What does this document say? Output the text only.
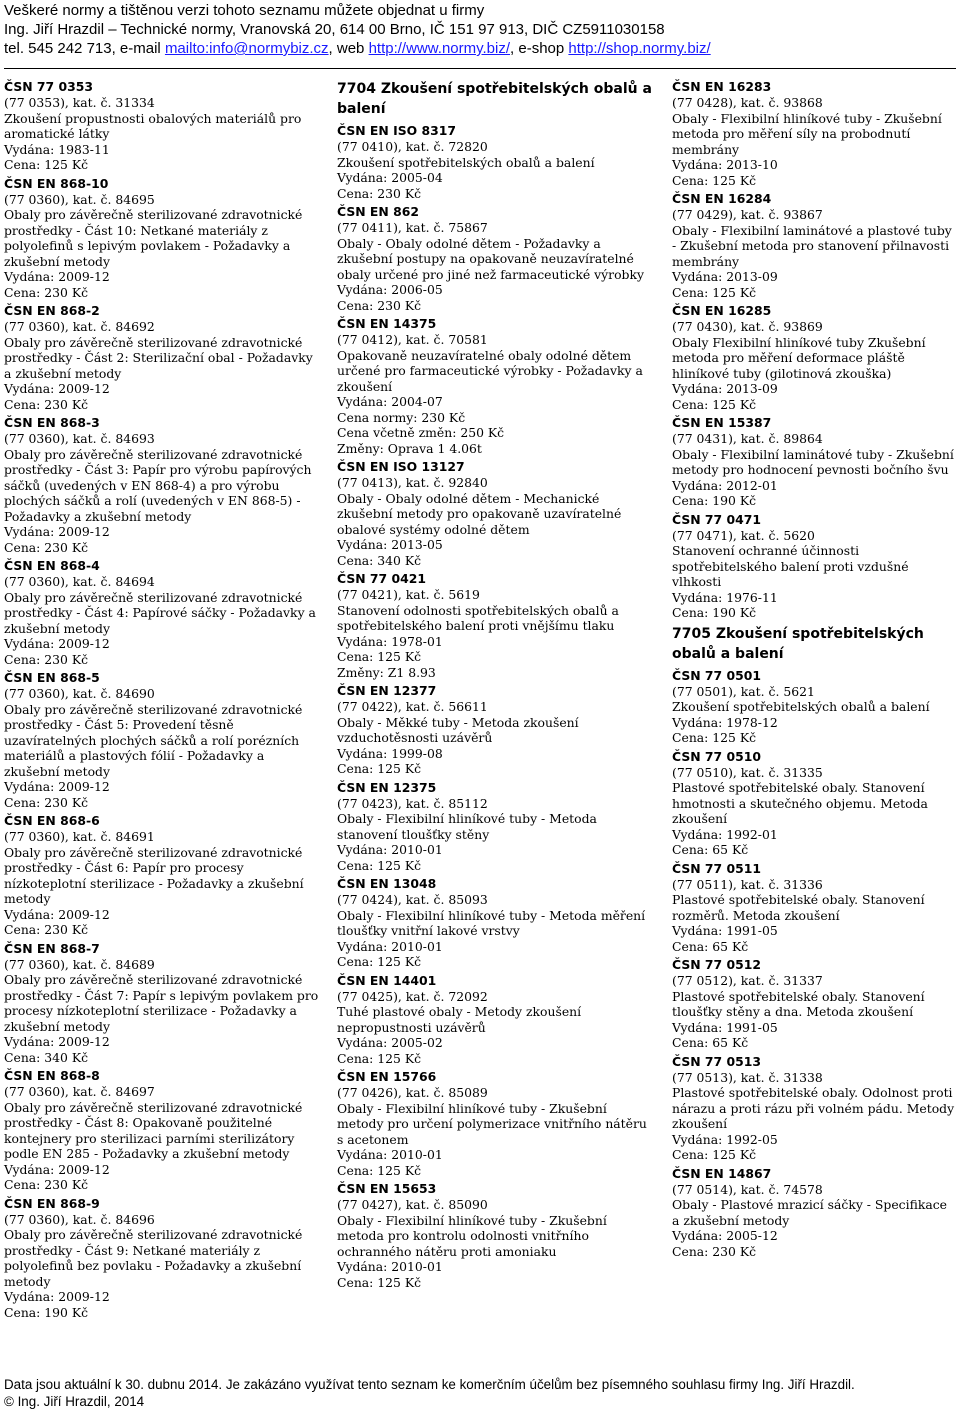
Veškeré normy a tištěnou verzi tohoto seznamu můžete objednat u firmy
Ing. Jiří Hrazdil – Technické normy, Vranovská 20, 614 00 Brno, IČ 151 97 913, DIČ CZ5911030158
tel. 545 242 713, e-mail mailto:info@normybiz.cz, web http://www.normy.biz/, e-shop http://shop.normy.biz/
ČSN 77 0353
(77 0353), kat. č. 31334
Zkoušení propustnosti obalových materiálů pro aromatické látky
Vydána: 1983-11
Cena: 125 Kč
ČSN EN 868-10
(77 0360), kat. č. 84695
Obaly pro závěrečně sterilizované zdravotnické prostředky - Část 10: Netkané materiály z polyolefinů s lepivým povlakem - Požadavky a zkušební metody
Vydána: 2009-12
Cena: 230 Kč
ČSN EN 868-2
(77 0360), kat. č. 84692
Obaly pro závěrečně sterilizované zdravotnické prostředky - Část 2: Sterilizační obal - Požadavky a zkušební metody
Vydána: 2009-12
Cena: 230 Kč
ČSN EN 868-3
(77 0360), kat. č. 84693
Obaly pro závěrečně sterilizované zdravotnické prostředky - Část 3: Papír pro výrobu papírových sáčků (uvedených v EN 868-4) a pro výrobu plochých sáčků a rolí (uvedených v EN 868-5) - Požadavky a zkušební metody
Vydána: 2009-12
Cena: 230 Kč
ČSN EN 868-4
(77 0360), kat. č. 84694
Obaly pro závěrečně sterilizované zdravotnické prostředky - Část 4: Papírové sáčky - Požadavky a zkušební metody
Vydána: 2009-12
Cena: 230 Kč
ČSN EN 868-5
(77 0360), kat. č. 84690
Obaly pro závěrečně sterilizované zdravotnické prostředky - Část 5: Provedení těsně uzavíratelných plochých sáčků a rolí porézních materiálů a plastových fólií - Požadavky a zkušební metody
Vydána: 2009-12
Cena: 230 Kč
ČSN EN 868-6
(77 0360), kat. č. 84691
Obaly pro závěrečně sterilizované zdravotnické prostředky - Část 6: Papír pro procesy nízkoteplotní sterilizace - Požadavky a zkušební metody
Vydána: 2009-12
Cena: 230 Kč
ČSN EN 868-7
(77 0360), kat. č. 84689
Obaly pro závěrečně sterilizované zdravotnické prostředky - Část 7: Papír s lepivým povlakem pro procesy nízkoteplotní sterilizace - Požadavky a zkušební metody
Vydána: 2009-12
Cena: 340 Kč
ČSN EN 868-8
(77 0360), kat. č. 84697
Obaly pro závěrečně sterilizované zdravotnické prostředky - Část 8: Opakovaně použitelné kontejnery pro sterilizaci parními sterilizátory podle EN 285 - Požadavky a zkušební metody
Vydána: 2009-12
Cena: 230 Kč
ČSN EN 868-9
(77 0360), kat. č. 84696
Obaly pro závěrečně sterilizované zdravotnické prostředky - Část 9: Netkané materiály z polyolefinů bez povlaku - Požadavky a zkušební metody
Vydána: 2009-12
Cena: 190 Kč
7704 Zkoušení spotřebitelských obalů a balení
ČSN EN ISO 8317
(77 0410), kat. č. 72820
Zkoušení spotřebitelských obalů a balení
Vydána: 2005-04
Cena: 230 Kč
ČSN EN 862
(77 0411), kat. č. 75867
Obaly - Obaly odolné dětem - Požadavky a zkušební postupy na opakovaně neuzavíratelné obaly určené pro jiné než farmaceutické výrobky
Vydána: 2006-05
Cena: 230 Kč
ČSN EN 14375
(77 0412), kat. č. 70581
Opakovaně neuzavíratelné obaly odolné dětem určené pro farmaceutické výrobky - Požadavky a zkoušení
Vydána: 2004-07
Cena normy: 230 Kč
Cena včetně změn: 250 Kč
Změny: Oprava 1 4.06t
ČSN EN ISO 13127
(77 0413), kat. č. 92840
Obaly - Obaly odolné dětem - Mechanické zkušební metody pro opakovaně uzavíratelné obalové systémy odolné dětem
Vydána: 2013-05
Cena: 340 Kč
ČSN 77 0421
(77 0421), kat. č. 5619
Stanovení odolnosti spotřebitelských obalů a spotřebitelského balení proti vnějšímu tlaku
Vydána: 1978-01
Cena: 125 Kč
Změny: Z1 8.93
ČSN EN 12377
(77 0422), kat. č. 56611
Obaly - Měkké tuby - Metoda zkoušení vzduchotěsnosti uzávěrů
Vydána: 1999-08
Cena: 125 Kč
ČSN EN 12375
(77 0423), kat. č. 85112
Obaly - Flexibilní hliníkové tuby - Metoda stanovení tloušťky stěny
Vydána: 2010-01
Cena: 125 Kč
ČSN EN 13048
(77 0424), kat. č. 85093
Obaly - Flexibilní hliníkové tuby - Metoda měření tloušťky vnitřní lakové vrstvy
Vydána: 2010-01
Cena: 125 Kč
ČSN EN 14401
(77 0425), kat. č. 72092
Tuhé plastové obaly - Metody zkoušení nepropustnosti uzávěrů
Vydána: 2005-02
Cena: 125 Kč
ČSN EN 15766
(77 0426), kat. č. 85089
Obaly - Flexibilní hliníkové tuby - Zkušební metody pro určení polymerizace vnitřního nátěru s acetonem
Vydána: 2010-01
Cena: 125 Kč
ČSN EN 15653
(77 0427), kat. č. 85090
Obaly - Flexibilní hliníkové tuby - Zkušební metoda pro kontrolu odolnosti vnitřního ochranného nátěru proti amoniaku
Vydána: 2010-01
Cena: 125 Kč
ČSN EN 16283
(77 0428), kat. č. 93868
Obaly - Flexibilní hliníkové tuby - Zkušební metoda pro měření síly na probodnutí membrány
Vydána: 2013-10
Cena: 125 Kč
ČSN EN 16284
(77 0429), kat. č. 93867
Obaly - Flexibilní laminátové a plastové tuby - Zkušební metoda pro stanovení přilnavosti membrány
Vydána: 2013-09
Cena: 125 Kč
ČSN EN 16285
(77 0430), kat. č. 93869
Obaly Flexibilní hliníkové tuby Zkušební metoda pro měření deformace pláště hliníkové tuby (gilotinová zkouška)
Vydána: 2013-09
Cena: 125 Kč
ČSN EN 15387
(77 0431), kat. č. 89864
Obaly - Flexibilní laminátové tuby - Zkušební metody pro hodnocení pevnosti bočního švu
Vydána: 2012-01
Cena: 190 Kč
ČSN 77 0471
(77 0471), kat. č. 5620
Stanovení ochranné účinnosti spotřebitelského balení proti vzdušné vlhkosti
Vydána: 1976-11
Cena: 190 Kč
7705 Zkoušení spotřebitelských obalů a balení
ČSN 77 0501
(77 0501), kat. č. 5621
Zkoušení spotřebitelských obalů a balení
Vydána: 1978-12
Cena: 125 Kč
ČSN 77 0510
(77 0510), kat. č. 31335
Plastové spotřebitelské obaly. Stanovení hmotnosti a skutečného objemu. Metoda zkoušení
Vydána: 1992-01
Cena: 65 Kč
ČSN 77 0511
(77 0511), kat. č. 31336
Plastové spotřebitelské obaly. Stanovení rozměrů. Metoda zkoušení
Vydána: 1991-05
Cena: 65 Kč
ČSN 77 0512
(77 0512), kat. č. 31337
Plastové spotřebitelské obaly. Stanovení tloušťky stěny a dna. Metoda zkoušení
Vydána: 1991-05
Cena: 65 Kč
ČSN 77 0513
(77 0513), kat. č. 31338
Plastové spotřebitelské obaly. Odolnost proti nárazu a proti rázu při volném pádu. Metody zkoušení
Vydána: 1992-05
Cena: 125 Kč
ČSN EN 14867
(77 0514), kat. č. 74578
Obaly - Plastové mrazicí sáčky - Specifikace a zkušební metody
Vydána: 2005-12
Cena: 230 Kč
Data jsou aktuální k 30. dubnu 2014. Je zakázáno využívat tento seznam ke komerčním účelům bez písemného souhlasu firmy Ing. Jiří Hrazdil.
© Ing. Jiří Hrazdil, 2014
